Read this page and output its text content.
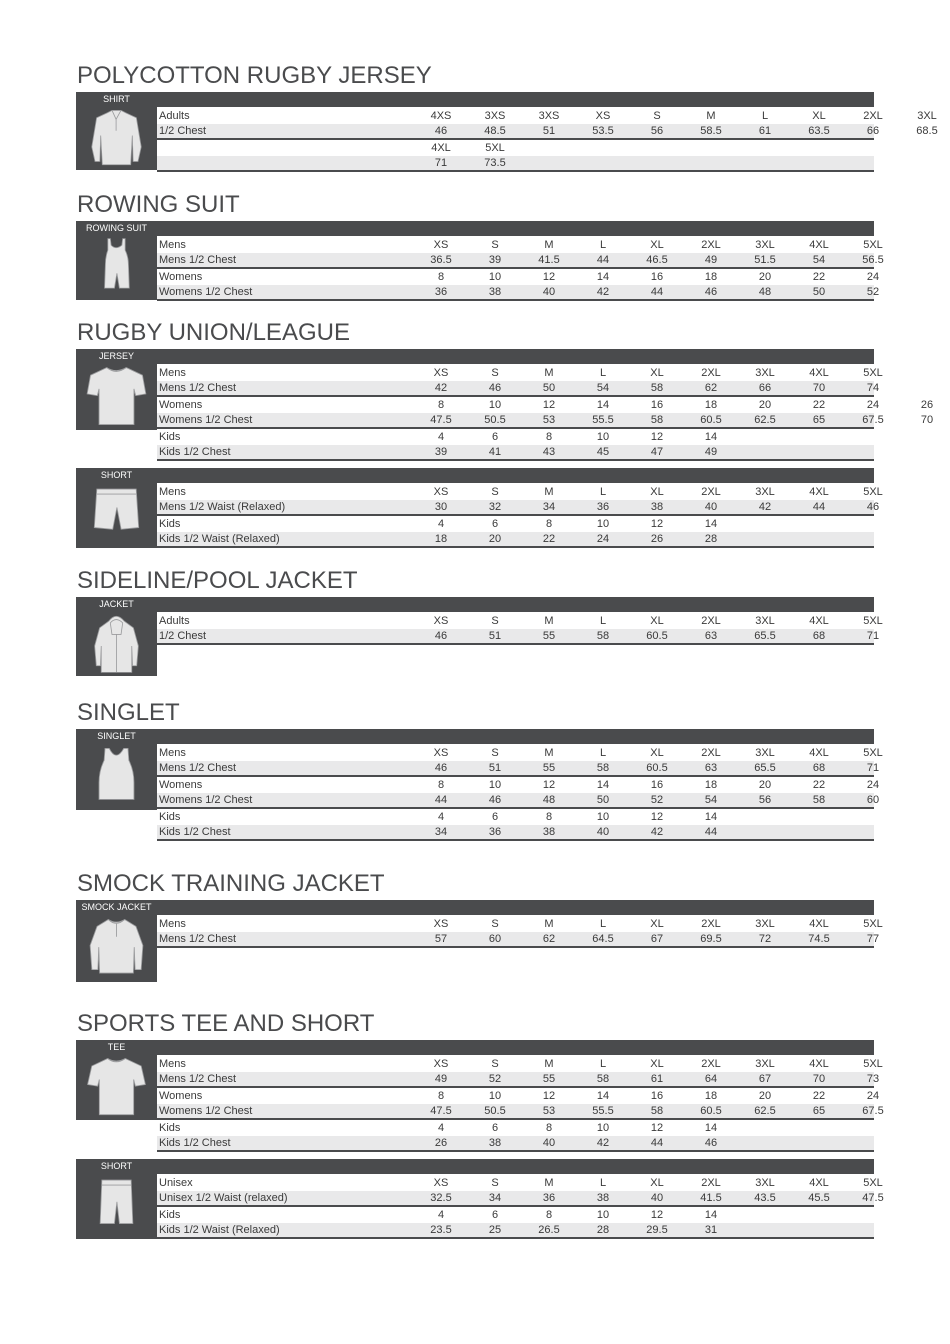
POLYCOTTON RUGBY JERSEY
SHIRT
Adults	4XS	3XS	3XS	XS	S	M	L	XL	2XL	3XL
1/2 Chest	46	48.5	51	53.5	56	58.5	61	63.5	66	68.5
4XL	5XL
71	73.5
ROWING SUIT
ROWING SUIT
Mens	XS	S	M	L	XL	2XL	3XL	4XL	5XL
Mens 1/2 Chest	36.5	39	41.5	44	46.5	49	51.5	54	56.5
Womens	8	10	12	14	16	18	20	22	24
Womens 1/2 Chest	36	38	40	42	44	46	48	50	52
RUGBY UNION/LEAGUE
JERSEY
Mens	XS	S	M	L	XL	2XL	3XL	4XL	5XL
Mens 1/2 Chest	42	46	50	54	58	62	66	70	74
Womens	8	10	12	14	16	18	20	22	24	26
Womens 1/2 Chest	47.5	50.5	53	55.5	58	60.5	62.5	65	67.5	70
Kids	4	6	8	10	12	14
Kids 1/2 Chest	39	41	43	45	47	49
SHORT
Mens	XS	S	M	L	XL	2XL	3XL	4XL	5XL
Mens 1/2 Waist (Relaxed)	30	32	34	36	38	40	42	44	46
Kids	4	6	8	10	12	14
Kids 1/2 Waist (Relaxed)	18	20	22	24	26	28
SIDELINE/POOL JACKET
JACKET
Adults	XS	S	M	L	XL	2XL	3XL	4XL	5XL
1/2 Chest	46	51	55	58	60.5	63	65.5	68	71
SINGLET
SINGLET
Mens	XS	S	M	L	XL	2XL	3XL	4XL	5XL
Mens 1/2 Chest	46	51	55	58	60.5	63	65.5	68	71
Womens	8	10	12	14	16	18	20	22	24
Womens 1/2 Chest	44	46	48	50	52	54	56	58	60
Kids	4	6	8	10	12	14
Kids 1/2 Chest	34	36	38	40	42	44
SMOCK TRAINING JACKET
SMOCK JACKET
Mens	XS	S	M	L	XL	2XL	3XL	4XL	5XL
Mens 1/2 Chest	57	60	62	64.5	67	69.5	72	74.5	77
SPORTS TEE AND SHORT
TEE
Mens	XS	S	M	L	XL	2XL	3XL	4XL	5XL
Mens 1/2 Chest	49	52	55	58	61	64	67	70	73
Womens	8	10	12	14	16	18	20	22	24
Womens 1/2 Chest	47.5	50.5	53	55.5	58	60.5	62.5	65	67.5
Kids	4	6	8	10	12	14
Kids 1/2 Chest	26	38	40	42	44	46
SHORT
Unisex	XS	S	M	L	XL	2XL	3XL	4XL	5XL
Unisex 1/2 Waist (relaxed)	32.5	34	36	38	40	41.5	43.5	45.5	47.5
Kids	4	6	8	10	12	14
Kids 1/2 Waist (Relaxed)	23.5	25	26.5	28	29.5	31
